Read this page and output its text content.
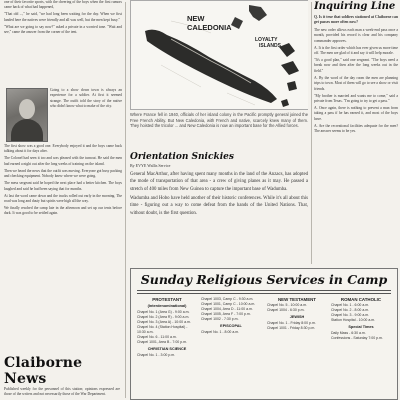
one of their favorite sports, with the cheering of the boys when the first rumors came back of what had happened,

"That old ...," he said, "we had long been waiting for the day. When we first landed here the natives were friendly and all was well, but the men kept busy."

"What are we going to say now?" asked a private in a worried tone. "Wait and see," came the answer from the corner of the tent.

Going to a show down town is always an experience for a soldier. At first it seemed strange. The outfit told the story of the native who didn't know what to make of the city.

The first show was a good one. Everybody enjoyed it and the boys came back talking about it for days after.

The Colonel had seen it too and was pleased with the turnout. He said the men had earned a night out after the long weeks of training on the island.

Then we heard the news that the outfit was moving. Everyone got busy packing and checking equipment. Nobody knew where we were going.

The mess sergeant said he hoped the next place had a better kitchen. The boys laughed and said he had been saying that for months.

At last the word came down and the trucks rolled out early in the morning. The road was long and dusty but spirits were high all the way.

We finally reached the camp late in the afternoon and set up our tents before dark. It was good to be settled again.

Claiborne News

Published weekly for the personnel of this station; opinions expressed are those of the writers and not necessarily those of the War Department.

NEW
CALEDONIA
LOYALTY
ISLANDS

Where France fell in 1940, officials of her island colony in the Pacific promptly general joined the Free French Ability. But New Caledonia, with French and native, scarcely knew many of them. They hoisted the tricolor ... and New Caledonia is now an important base for the Allied forces.

Orientation Snickies

By EVYE Wallis Service

General MacArthur, after having spent many months in the land of the Anzacs, has adopted the mode of transportation of that area - a crew of giving planes as it may. He passed a stretch of 400 miles from New Guinea to capture the important base of Wadumba.

Wadumba and Hobo have held another of their historic conferences. While it's all about this time - figuring out a way to come defeat from the hands of the United Nations. That, without doubt, is the first question.

Inquiring Line

Q. Is it true that soldiers stationed at Claiborne can get passes more often now?

The new order allows each man a week-end pass once a month, provided his record is clear and his company commander approves.

A. It is the first order which has ever given us more time off. The men are glad of it and say it will help morale.

"It's a good plan," said one sergeant. "The boys need a break now and then after the long weeks out in the field."

A. By the word of the day room the men are planning trips to town. Most of them will go to see a show or visit friends.

"My brother is married and wants me to come," said a private from Texas. "I'm going to try to get a pass."

A. Once again, there is nothing to prevent a man from taking a pass if he has earned it, and most of the boys have.

A. Are the recreational facilities adequate for the men? The answer seems to be yes.

Sunday Religious Services in Camp

PROTESTANT

(Interdenominational)

Chapel No. 1 (Area G) - 9:00 a.m.

Chapel No. 2 (Area R) - 9:00 a.m.

Chapel No. 3 (Area A) - 10:00 a.m.

Chapel No. 4 (Station Hospital) - 10:30 a.m.

Chapel No. 6 - 11:00 a.m.

Chapel 1001, Area B - 7:00 p.m.

CHRISTIAN SCIENCE

Chapel No. 1 - 3:00 p.m.

Chapel 1003, Camp C - 9:30 a.m.

Chapel 1001, Camp C - 10:00 a.m.

Chapel 1004, Area D - 11:00 a.m.

Chapel 1005, Area F - 7:00 p.m.

Chapel 1002 - 7:30 p.m.

EPISCOPAL

Chapel No. 1 - 8:00 a.m.

NEW TESTAMENT

Chapel No. 5 - 10:00 a.m.

Chapel 1004 - 6:30 p.m.

JEWISH

Chapel No. 1 - Friday 8:00 p.m.

Chapel 1001 - Friday 8:30 p.m.

ROMAN CATHOLIC

Chapel No. 1 - 6:00 a.m.

Chapel No. 2 - 8:00 a.m.

Chapel No. 3 - 9:00 a.m.

Station Hospital - 10:00 a.m.

Special Times

Daily Mass - 6:30 a.m.

Confessions - Saturday 7:00 p.m.
